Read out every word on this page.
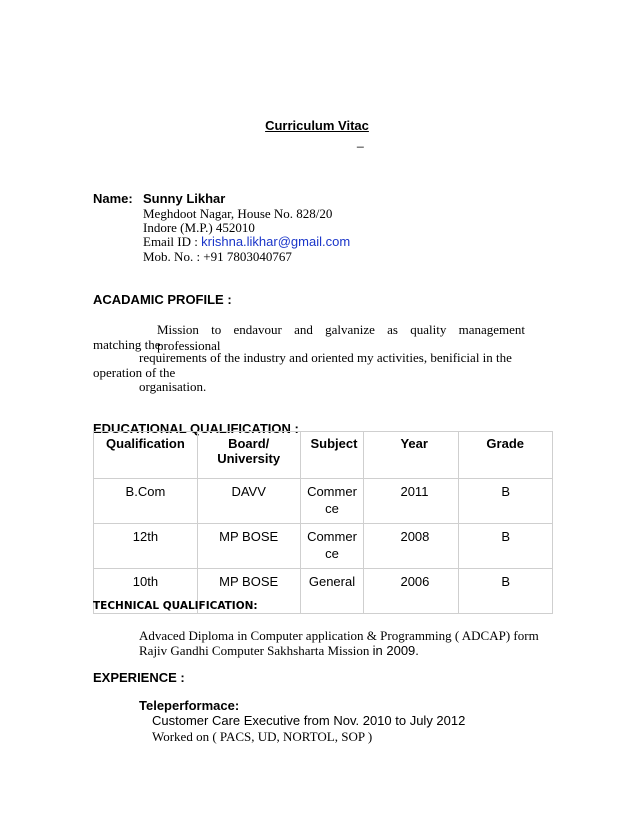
Curriculum Vitac
_
Name: Sunny Likhar
Meghdoot Nagar, House No. 828/20
Indore (M.P.) 452010
Email ID : krishna.likhar@gmail.com
Mob. No. : +91 7803040767
ACADAMIC PROFILE :
Mission to endavour and galvanize as quality management professional
matching the
requirements of the industry and oriented my activities, benificial in the
operation of the
organisation.
EDUCATIONAL QUALIFICATION :
Qualification	Board/ University	Subject	Year	Grade
B.Com	DAVV	Commerce	2011	B
12th	MP BOSE	Commerce	2008	B
10th	MP BOSE	General	2006	B
TECHNICAL QUALIFICATION:
Advaced Diploma in Computer application & Programming ( ADCAP) form
Rajiv Gandhi Computer Sakhsharta Mission in 2009.
EXPERIENCE :
Teleperformace:
Customer Care Executive from Nov. 2010 to July 2012
Worked on ( PACS, UD, NORTOL, SOP )
